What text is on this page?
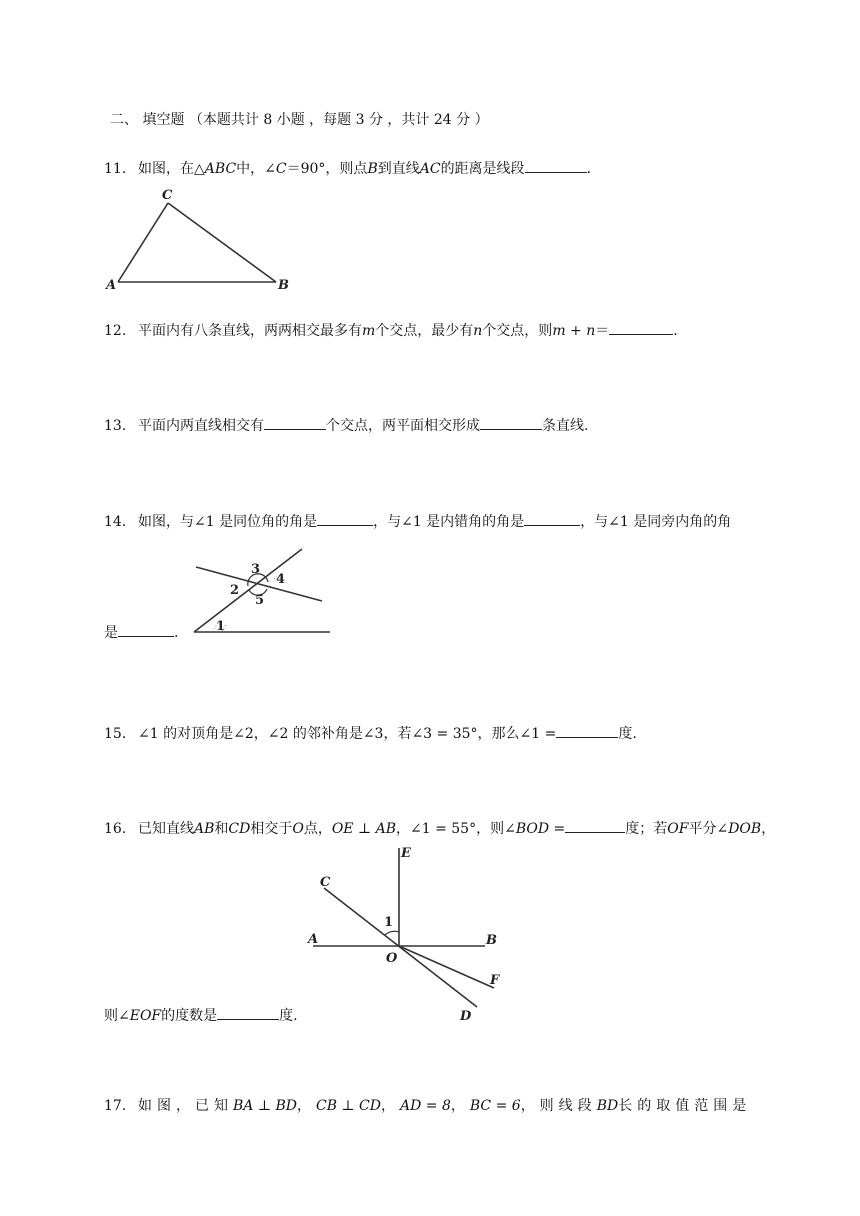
二、 填空题 （本题共计 8 小题 ，每题 3 分 ，共计 24 分 ）
11. 如图，在△ABC中，∠C＝90°，则点B到直线AC的距离是线段	.
C
A	B
12. 平面内有八条直线，两两相交最多有m个交点，最少有n个交点，则m + n＝	.
13. 平面内两直线相交有	个交点，两平面相交形成	条直线.
14. 如图，与∠1 是同位角的角是	，与∠1 是内错角的角是	，与∠1 是同旁内角的角
3
4
2
5
1
是	.
15. ∠1 的对顶角是∠2，∠2 的邻补角是∠3，若∠3 = 35°，那么∠1 =	度.
16. 已知直线AB和CD相交于O点，OE ⊥ AB，∠1 = 55°，则∠BOD =	度；若OF平分∠DOB，
E
C
A	B
O
F
D
1
则∠EOF的度数是	度.
17. 如图，已知BA ⊥ BD，CB ⊥ CD，AD = 8，BC = 6，则线段BD长的取值范围是
